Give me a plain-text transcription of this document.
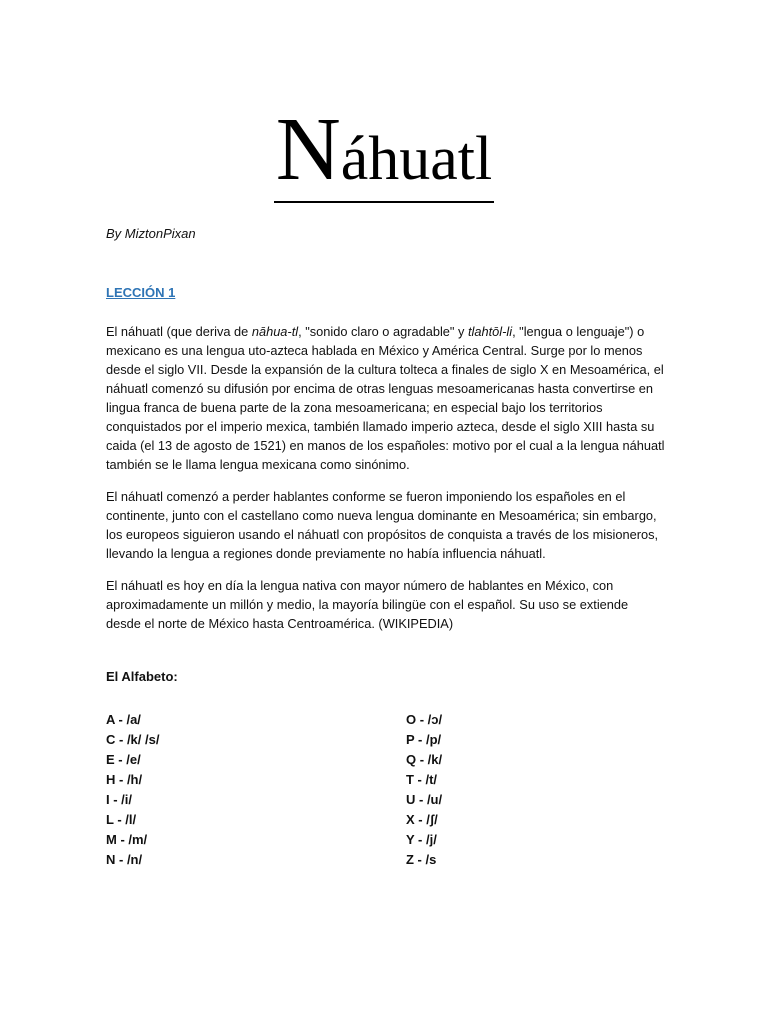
Náhuatl
By MiztonPixan
LECCIÓN 1

El náhuatl (que deriva de nāhua-tl, "sonido claro o agradable" y tlahtōl-li, "lengua o lenguaje") o mexicano es una lengua uto-azteca hablada en México y América Central. Surge por lo menos desde el siglo VII. Desde la expansión de la cultura tolteca a finales de siglo X en Mesoamérica, el náhuatl comenzó su difusión por encima de otras lenguas mesoamericanas hasta convertirse en lingua franca de buena parte de la zona mesoamericana; en especial bajo los territorios conquistados por el imperio mexica, también llamado imperio azteca, desde el siglo XIII hasta su caida (el 13 de agosto de 1521) en manos de los españoles: motivo por el cual a la lengua náhuatl también se le llama lengua mexicana como sinónimo.

El náhuatl comenzó a perder hablantes conforme se fueron imponiendo los españoles en el continente, junto con el castellano como nueva lengua dominante en Mesoamérica; sin embargo, los europeos siguieron usando el náhuatl con propósitos de conquista a través de los misioneros, llevando la lengua a regiones donde previamente no había influencia náhuatl.

El náhuatl es hoy en día la lengua nativa con mayor número de hablantes en México, con aproximadamente un millón y medio, la mayoría bilingüe con el español. Su uso se extiende desde el norte de México hasta Centroamérica. (WIKIPEDIA)

El Alfabeto:
A - /a/
C - /k/ /s/
E - /e/
H - /h/
I - /i/
L - /l/
M - /m/
N - /n/
O - /ɔ/
P - /p/
Q - /k/
T - /t/
U - /u/
X - /ʃ/
Y - /j/
Z - /s
